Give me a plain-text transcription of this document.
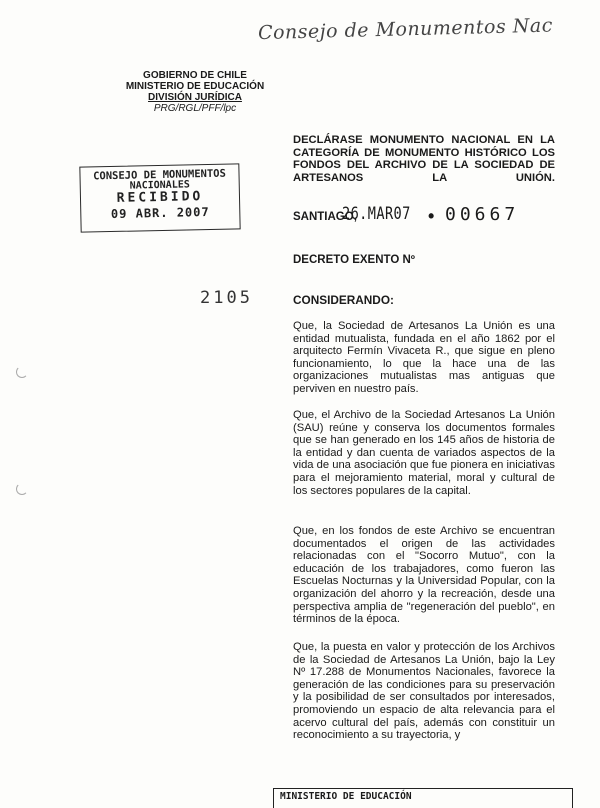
Consejo de Monumentos Nac
GOBIERNO DE CHILE
MINISTERIO DE EDUCACIÓN
DIVISIÓN JURÍDICA
PRG/RGL/PFF/lpc
DECLÁRASE MONUMENTO NACIONAL EN LA CATEGORÍA DE MONUMENTO HISTÓRICO LOS FONDOS DEL ARCHIVO DE LA SOCIEDAD DE ARTESANOS LA UNIÓN.
CONSEJO DE MONUMENTOS
NACIONALES
RECIBIDO
09 ABR. 2007	SANTIAGO,
26.MAR07 • 00667
DECRETO EXENTO Nº
2105	CONSIDERANDO:
Que, la Sociedad de Artesanos La Unión es una entidad mutualista, fundada en el año 1862 por el arquitecto Fermín Vivaceta R., que sigue en pleno funcionamiento, lo que la hace una de las organizaciones mutualistas mas antiguas que perviven en nuestro país.
Que, el Archivo de la Sociedad Artesanos La Unión (SAU) reúne y conserva los documentos formales que se han generado en los 145 años de historia de la entidad y dan cuenta de variados aspectos de la vida de una asociación que fue pionera en iniciativas para el mejoramiento material, moral y cultural de los sectores populares de la capital.
Que, en los fondos de este Archivo se encuentran documentados el origen de las actividades relacionadas con el "Socorro Mutuo", con la educación de los trabajadores, como fueron las Escuelas Nocturnas y la Universidad Popular, con la organización del ahorro y la recreación, desde una perspectiva amplia de "regeneración del pueblo", en términos de la época.
Que, la puesta en valor y protección de los Archivos de la Sociedad de Artesanos La Unión, bajo la Ley Nº 17.288 de Monumentos Nacionales, favorece la generación de las condiciones para su preservación y la posibilidad de ser consultados por interesados, promoviendo un espacio de alta relevancia para el acervo cultural del país, además con constituir un reconocimiento a su trayectoria, y
MINISTERIO DE EDUCACIÓN
